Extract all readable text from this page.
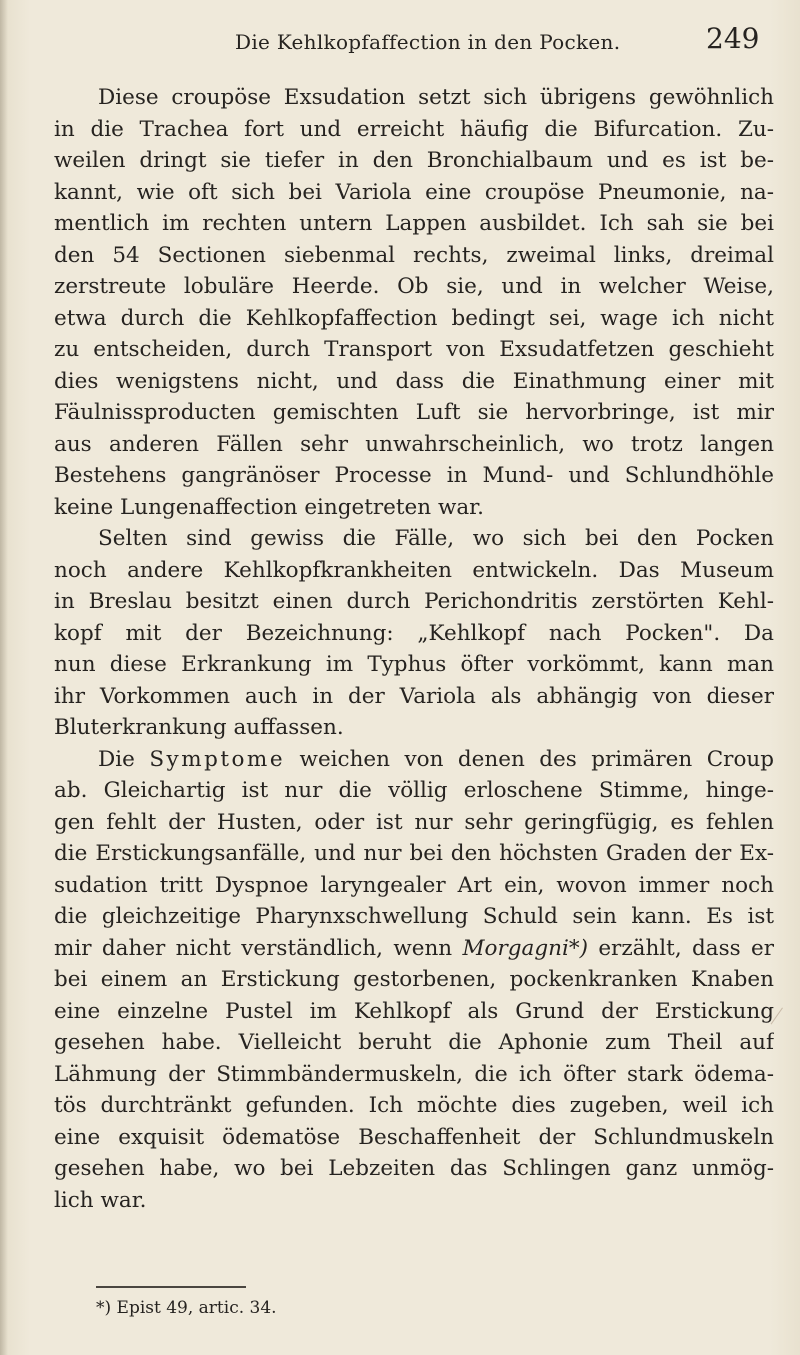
Die Kehlkopfaffection in den Pocken.	249
Diese croupöse Exsudation setzt sich übrigens gewöhnlich
in die Trachea fort und erreicht häufig die Bifurcation. Zu-
weilen dringt sie tiefer in den Bronchialbaum und es ist be-
kannt, wie oft sich bei Variola eine croupöse Pneumonie, na-
mentlich im rechten untern Lappen ausbildet. Ich sah sie bei
den 54 Sectionen siebenmal rechts, zweimal links, dreimal
zerstreute lobuläre Heerde. Ob sie, und in welcher Weise,
etwa durch die Kehlkopfaffection bedingt sei, wage ich nicht
zu entscheiden, durch Transport von Exsudatfetzen geschieht
dies wenigstens nicht, und dass die Einathmung einer mit
Fäulnissproducten gemischten Luft sie hervorbringe, ist mir
aus anderen Fällen sehr unwahrscheinlich, wo trotz langen
Bestehens gangränöser Processe in Mund- und Schlundhöhle
keine Lungenaffection eingetreten war.
Selten sind gewiss die Fälle, wo sich bei den Pocken
noch andere Kehlkopfkrankheiten entwickeln. Das Museum
in Breslau besitzt einen durch Perichondritis zerstörten Kehl-
kopf mit der Bezeichnung: „Kehlkopf nach Pocken". Da
nun diese Erkrankung im Typhus öfter vorkömmt, kann man
ihr Vorkommen auch in der Variola als abhängig von dieser
Bluterkrankung auffassen.
Die Symptome weichen von denen des primären Croup
ab. Gleichartig ist nur die völlig erloschene Stimme, hinge-
gen fehlt der Husten, oder ist nur sehr geringfügig, es fehlen
die Erstickungsanfälle, und nur bei den höchsten Graden der Ex-
sudation tritt Dyspnoe laryngealer Art ein, wovon immer noch
die gleichzeitige Pharynxschwellung Schuld sein kann. Es ist
mir daher nicht verständlich, wenn Morgagni*) erzählt, dass er
bei einem an Erstickung gestorbenen, pockenkranken Knaben
eine einzelne Pustel im Kehlkopf als Grund der Erstickung
gesehen habe. Vielleicht beruht die Aphonie zum Theil auf
Lähmung der Stimmbändermuskeln, die ich öfter stark ödema-
tös durchtränkt gefunden. Ich möchte dies zugeben, weil ich
eine exquisit ödematöse Beschaffenheit der Schlundmuskeln
gesehen habe, wo bei Lebzeiten das Schlingen ganz unmög-
lich war.
*) Epist 49, artic. 34.
